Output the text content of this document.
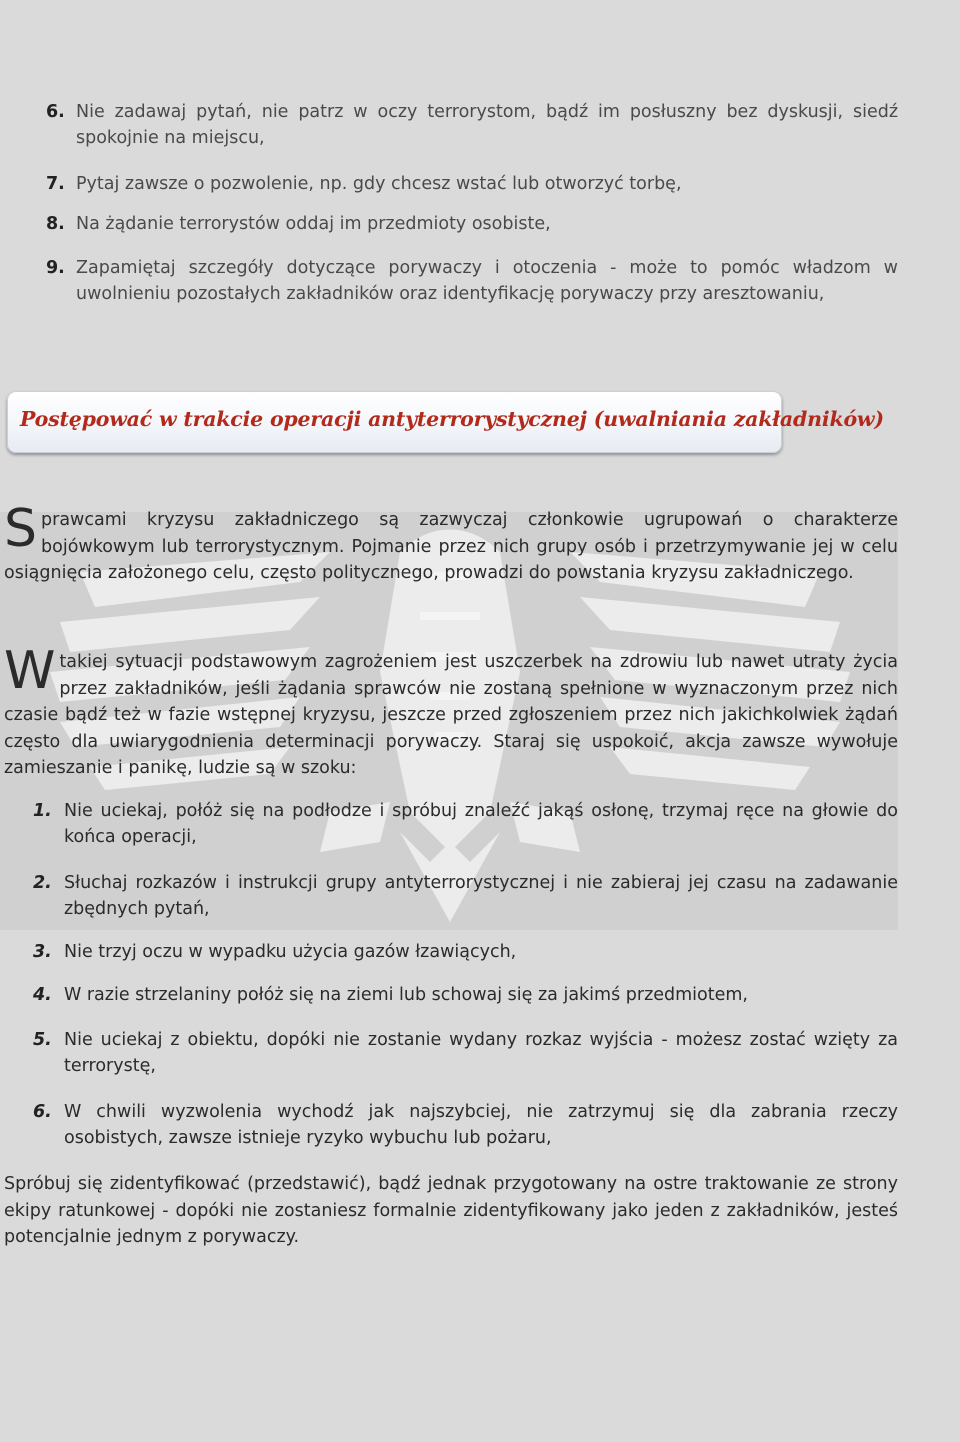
6. Nie zadawaj pytań, nie patrz w oczy terrorystom, bądź im posłuszny bez dyskusji, siedź spokojnie na miejscu,
7. Pytaj zawsze o pozwolenie, np. gdy chcesz wstać lub otworzyć torbę,
8. Na żądanie terrorystów oddaj im przedmioty osobiste,
9. Zapamiętaj szczegóły dotyczące porywaczy i otoczenia - może to pomóc władzom w uwolnieniu pozostałych zakładników oraz identyfikację porywaczy przy aresztowaniu,
Postępować w trakcie operacji antyterrorystycznej (uwalniania zakładników)
Sprawcami kryzysu zakładniczego są zazwyczaj członkowie ugrupowań o charakterze bojówkowym lub terrorystycznym. Pojmanie przez nich grupy osób i przetrzymywanie jej w celu osiągnięcia założonego celu, często politycznego, prowadzi do powstania kryzysu zakładniczego.
Wtakiej sytuacji podstawowym zagrożeniem jest uszczerbek na zdrowiu lub nawet utraty życia przez zakładników, jeśli żądania sprawców nie zostaną spełnione w wyznaczonym przez nich czasie bądź też w fazie wstępnej kryzysu, jeszcze przed zgłoszeniem przez nich jakichkolwiek żądań często dla uwiarygodnienia determinacji porywaczy. Staraj się uspokoić, akcja zawsze wywołuje zamieszanie i panikę, ludzie są w szoku:
1. Nie uciekaj, połóż się na podłodze i spróbuj znaleźć jakąś osłonę, trzymaj ręce na głowie do końca operacji,
2. Słuchaj rozkazów i instrukcji grupy antyterrorystycznej i nie zabieraj jej czasu na zadawanie zbędnych pytań,
3. Nie trzyj oczu w wypadku użycia gazów łzawiących,
4. W razie strzelaniny połóż się na ziemi lub schowaj się za jakimś przedmiotem,
5. Nie uciekaj z obiektu, dopóki nie zostanie wydany rozkaz wyjścia - możesz zostać wzięty za terrorystę,
6. W chwili wyzwolenia wychodź jak najszybciej, nie zatrzymuj się dla zabrania rzeczy osobistych, zawsze istnieje ryzyko wybuchu lub pożaru,
Spróbuj się zidentyfikować (przedstawić), bądź jednak przygotowany na ostre traktowanie ze strony ekipy ratunkowej - dopóki nie zostaniesz formalnie zidentyfikowany jako jeden z zakładników, jesteś potencjalnie jednym z porywaczy.
